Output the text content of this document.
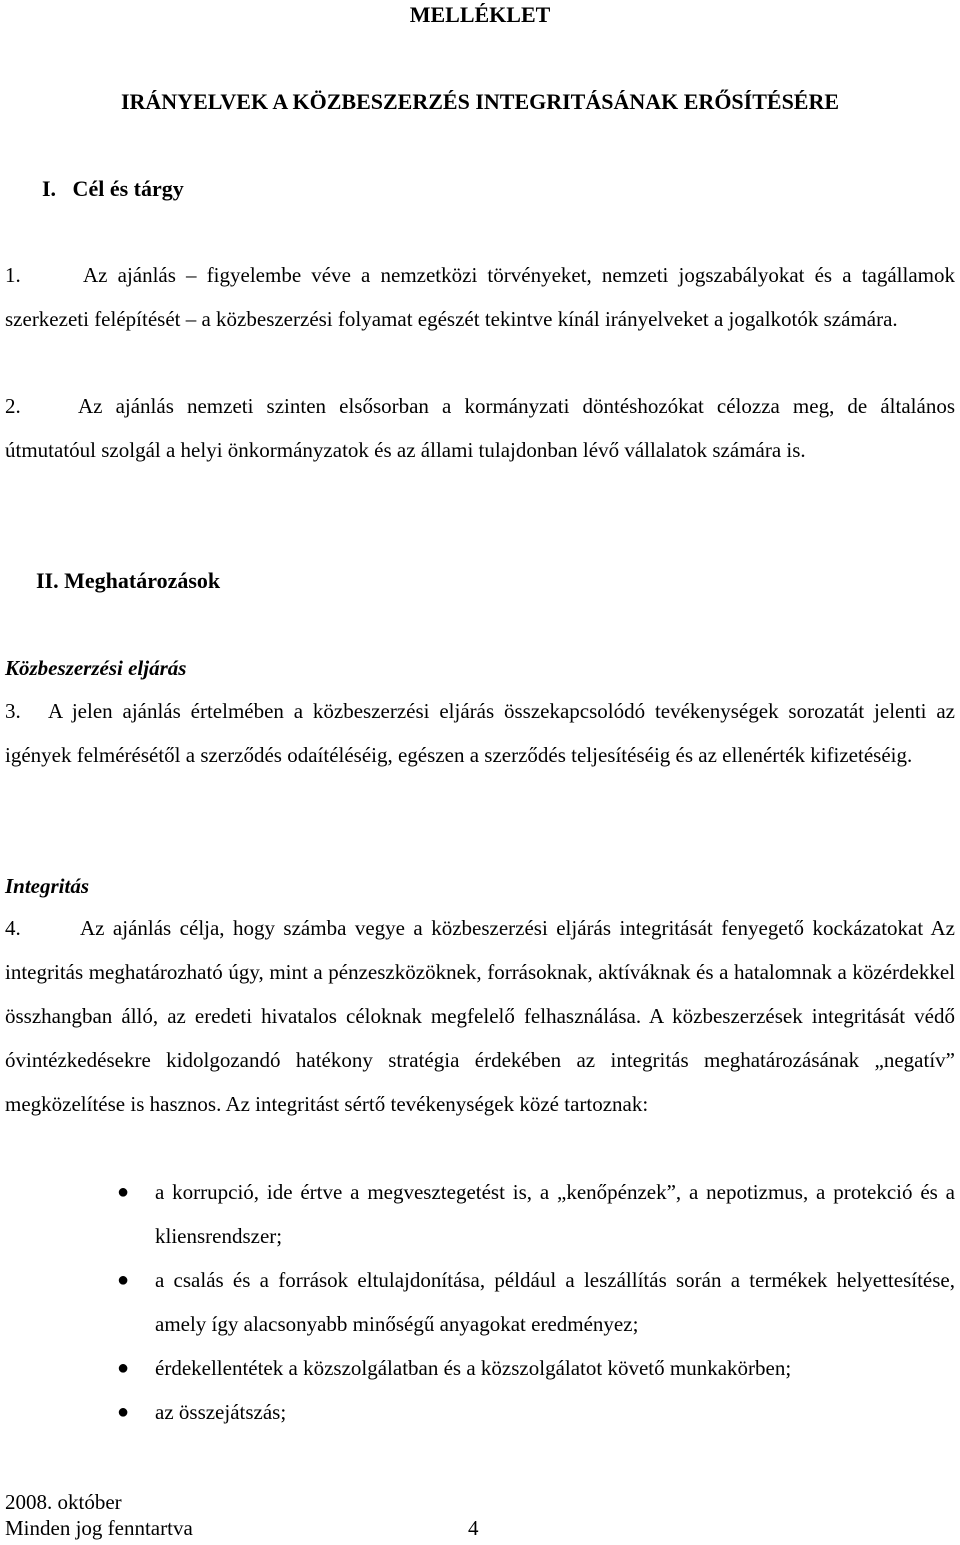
MELLÉKLET
IRÁNYELVEK A KÖZBESZERZÉS INTEGRITÁSÁNAK ERŐSÍTÉSÉRE
I.   Cél és tárgy
1.	Az ajánlás – figyelembe véve a nemzetközi törvényeket, nemzeti jogszabályokat és a tagállamok szerkezeti felépítését – a közbeszerzési folyamat egészét tekintve kínál irányelveket a jogalkotók számára.
2.	Az ajánlás nemzeti szinten elsősorban a kormányzati döntéshozókat célozza meg, de általános útmutatóul szolgál a helyi önkormányzatok és az állami tulajdonban lévő vállalatok számára is.
II. Meghatározások
Közbeszerzési eljárás
3. A jelen ajánlás értelmében a közbeszerzési eljárás összekapcsolódó tevékenységek sorozatát jelenti az igények felmérésétől a szerződés odaítéléséig, egészen a szerződés teljesítéséig és az ellenérték kifizetéséig.
Integritás
4.	Az ajánlás célja, hogy számba vegye a közbeszerzési eljárás integritását fenyegető kockázatokat Az integritás meghatározható úgy, mint a pénzeszközöknek, forrásoknak, aktíváknak és a hatalomnak a közérdekkel összhangban álló, az eredeti hivatalos céloknak megfelelő felhasználása. A közbeszerzések integritását védő óvintézkedésekre kidolgozandó hatékony stratégia érdekében az integritás meghatározásának „negatív” megközelítése is hasznos. Az integritást sértő tevékenységek közé tartoznak:
● a korrupció, ide értve a megvesztegetést is, a „kenőpénzek”, a nepotizmus, a protekció és a kliensrendszer;
● a csalás és a források eltulajdonítása, például a leszállítás során a termékek helyettesítése, amely így alacsonyabb minőségű anyagokat eredményez;
● érdekellentétek a közszolgálatban és a közszolgálatot követő munkakörben;
● az összejátszás;
2008. október
Minden jog fenntartva	4
